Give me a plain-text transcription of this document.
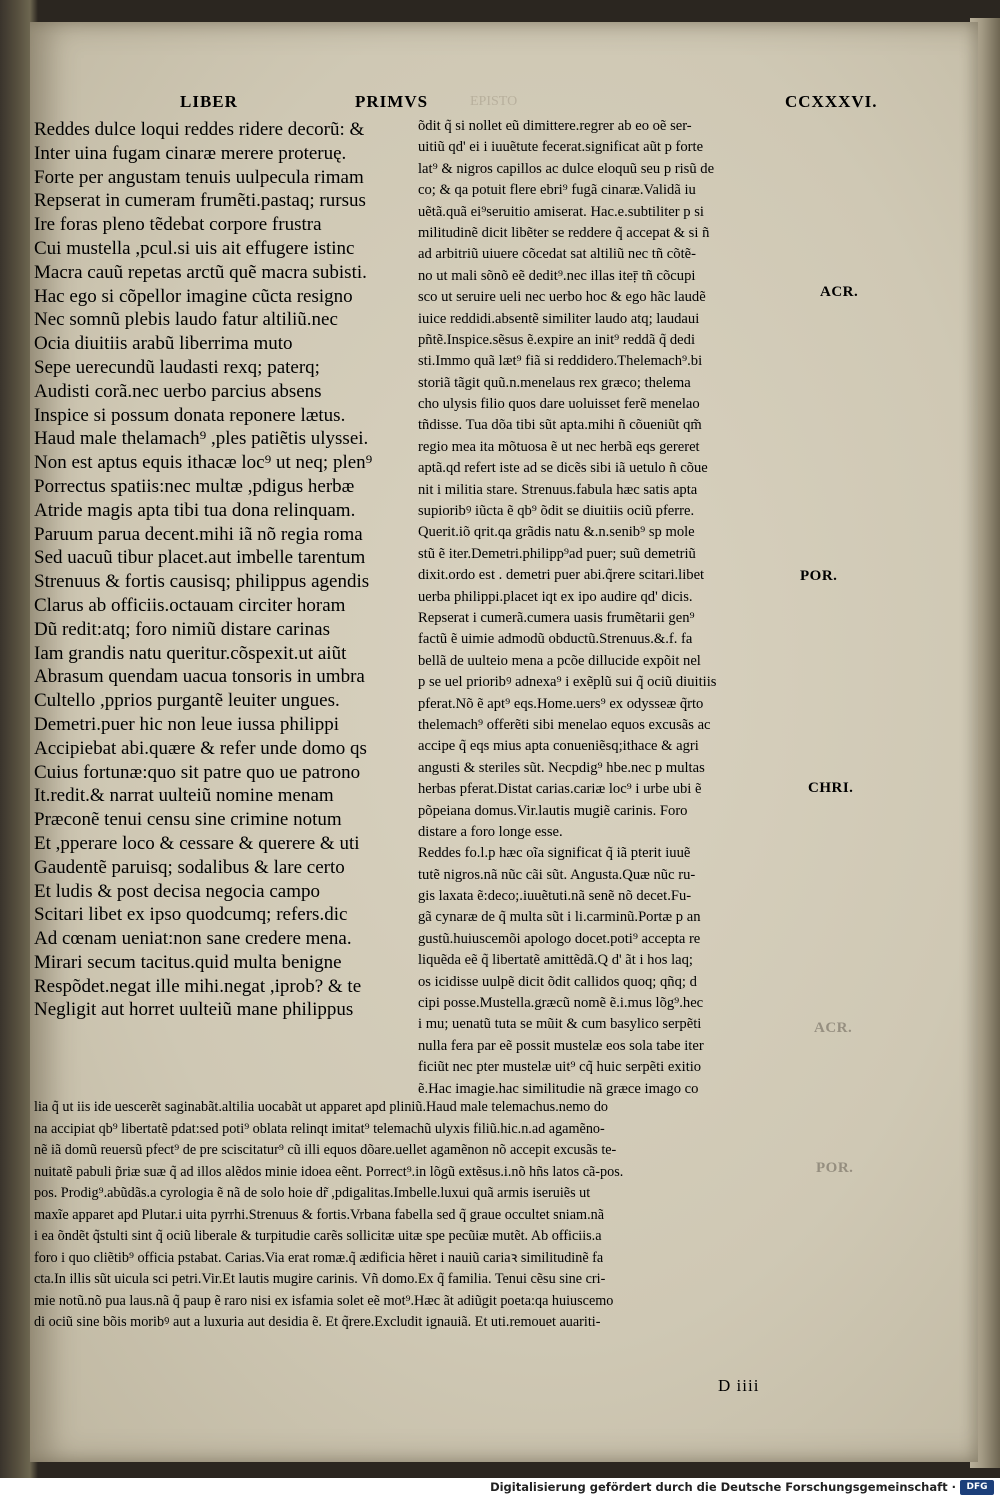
EPISTO
LIBER	PRIMVS	CCXXXVI.
Reddes dulce loqui reddes ridere decorũ: &
Inter uina fugam cinaræ merere proteruę.
Forte per angustam tenuis uulpecula rimam
Repserat in cumeram frumẽti.pastaq; rursus
Ire foras pleno tẽdebat corpore frustra
Cui mustella ,pcul.si uis ait effugere istinc
Macra cauũ repetas arctũ quẽ macra subisti.
Hac ego si cõpellor imagine cũcta resigno
Nec somnũ plebis laudo fatur altiliũ.nec
Ocia diuitiis arabũ liberrima muto
Sepe uerecundũ laudasti rexq; paterq;
Audisti corã.nec uerbo parcius absens
Inspice si possum donata reponere lætus.
Haud male thelamach⁹ ,ples patiẽtis ulyssei.
Non est aptus equis ithacæ loc⁹ ut neq; plen⁹
Porrectus spatiis:nec multæ ,pdigus herbæ
Atride magis apta tibi tua dona relinquam.
Paruum parua decent.mihi iã nõ regia roma
Sed uacuũ tibur placet.aut imbelle tarentum
Strenuus & fortis causisq; philippus agendis
Clarus ab officiis.octauam circiter horam
Dũ redit:atq; foro nimiũ distare carinas
Iam grandis natu queritur.cõspexit.ut aiũt
Abrasum quendam uacua tonsoris in umbra
Cultello ,pprios purgantẽ leuiter ungues.
Demetri.puer hic non leue iussa philippi
Accipiebat abi.quære & refer unde domo qs
Cuius fortunæ:quo sit patre quo ue patrono
It.redit.& narrat uulteiũ nomine menam
Præconẽ tenui censu sine crimine notum
Et ,pperare loco & cessare & querere & uti
Gaudentẽ paruisq; sodalibus & lare certo
Et ludis & post decisa negocia campo
Scitari libet ex ipso quodcumq; refers.dic
Ad cœnam ueniat:non sane credere mena.
Mirari secum tacitus.quid multa benigne
Respõdet.negat ille mihi.negat ,iprob? & te
Negligit aut horret uulteiũ mane philippus
õdit q̃ si nollet eũ dimittere.regrer ab eo oẽ ser-
uitiũ qd' ei i iuuẽtute fecerat.significat aũt p forte
lat⁹ & nigros capillos ac dulce eloquũ seu p risũ de
co; & qa potuit flere ebri⁹ fugã cinaræ.Validã iu
uẽtã.quã ei⁹seruitio amiserat. Hac.e.subtiliter p si
militudinẽ dicit libẽter se reddere q̃ accepat & si ñ
ad arbitriũ uiuere cõcedat sat altiliũ nec tñ cõtẽ-
no ut mali sõnõ eẽ dedit⁹.nec illas iteṝ tñ cõcupi
sco ut seruire ueli nec uerbo hoc & ego hãc laudẽ
iuice reddidi.absentẽ similiter laudo atq; laudaui
pñtẽ.Inspice.sẽsus ẽ.expire an init⁹ reddã q̃ dedi
sti.Immo quã læt⁹ fiã si reddidero.Thelemach⁹.bi
storiã tãgit quũ.n.menelaus rex græco; thelema
cho ulysis filio quos dare uoluisset ferẽ menelao
tñdisse. Tua dõa tibi sũt apta.mihi ñ cõueniũt qm̃
regio mea ita mõtuosa ẽ ut nec herbã eqs gereret
aptã.qd refert iste ad se dicẽs sibi iã uetulo ñ cõue
nit i militia stare. Strenuus.fabula hæc satis apta
supioribꝰ iũcta ẽ qb⁹ õdit se diuitiis ociũ pferre.
Querit.iõ qrit.qa grãdis natu &.n.senib⁹ sp mole
stũ ẽ iter.Demetri.philipp⁹ad puer; suũ demetriũ
dixit.ordo est . demetri puer abi.q̃rere scitari.libet
uerba philippi.placet iqt ex ipo audire qd' dicis.
Repserat i cumerã.cumera uasis frumẽtarii gen⁹
factũ ẽ uimie admodũ obductũ.Strenuus.&.f. fa
bellã de uulteio mena a pcõe dillucide expõit nel
p se uel prioribꝰ adnexa⁹ i exẽplũ sui q̃ ociũ diuitiis
pferat.Nõ ẽ apt⁹ eqs.Home.uers⁹ ex odysseæ q̃rto
thelemach⁹ offerẽti sibi menelao equos excusãs ac
accipe q̃ eqs mius apta conueniẽsq;ithace & agri
angusti & steriles sũt. Necpdig⁹ hbe.nec p multas
herbas pferat.Distat carias.cariæ loc⁹ i urbe ubi ẽ
põpeiana domus.Vir.lautis mugiẽ carinis. Foro
distare a foro longe esse.
Reddes fo.l.p hæc oĩa significat q̃ iã pterit iuuẽ
tutẽ nigros.nã nũc cãi sũt. Angusta.Quæ nũc ru-
gis laxata ẽ:deco;.iuuẽtuti.nã senẽ nõ decet.Fu-
gã cynaræ de q̃ multa sũt i li.carminũ.Portæ p an
gustũ.huiuscemõi apologo docet.poti⁹ accepta re
liquẽda eẽ q̃ libertatẽ amittẽdã.Q d' ãt i hos laq;
os icidisse uulpẽ dicit õdit callidos quoq; qñq; d
cipi posse.Mustella.græcũ nomẽ ẽ.i.mus lõg⁹.hec
i mu; uenatũ tuta se mũit & cum basylico serpẽti
nulla fera par eẽ possit mustelæ eos sola tabe iter
ficiũt nec pter mustelæ uit⁹ cq̃ huic serpẽti exitio
ẽ.Hac imagie.hac similitudie nã græce imago co
ACR.
POR.
CHRI.
ACR.
POR.
lia q̃ ut iis ide uescerẽt saginabãt.altilia uocabãt ut apparet apd pliniũ.Haud male telemachus.nemo do
na accipiat qb⁹ libertatẽ pdat:sed poti⁹ oblata relinqt imitat⁹ telemachũ ulyxis filiũ.hic.n.ad agamẽno-
nẽ iã domũ reuersũ pfect⁹ de pre sciscitatur⁹ cũ illi equos dõare.uellet agamẽnon nõ accepit excusãs te-
nuitatẽ pabuli p̃riæ suæ q̃ ad illos alẽdos minie idoea eẽnt. Porrect⁹.in lõgũ extẽsus.i.nõ hñs latos cã-pos.
pos. Prodig⁹.abũdãs.a cyrologia ẽ nã de solo hoie dr̃ ,pdigalitas.Imbelle.luxui quã armis iseruiẽs ut
maxĩe apparet apd Plutar.i uita pyrrhi.Strenuus & fortis.Vrbana fabella sed q̃ graue occultet sniam.nã
i ea õndẽt q̃stulti sint q̃ ociũ liberale & turpitudie carẽs sollicitæ uitæ spe pecũiæ mutẽt. Ab officiis.a
foro i quo cliẽtib⁹ officia pstabat. Carias.Via erat romæ.q̃ ædificia hẽret i nauiũ cariaꝛ similitudinẽ fa
cta.In illis sũt uicula sci petri.Vir.Et lautis mugire carinis. Vñ domo.Ex q̃ familia. Tenui cẽsu sine cri-
mie notũ.nõ pua laus.nã q̃ paup ẽ raro nisi ex isfamia solet eẽ mot⁹.Hæc ãt adiũgit poeta:qa huiuscemo
di ociũ sine bõis moribꝰ aut a luxuria aut desidia ẽ. Et q̃rere.Excludit ignauiã. Et uti.remouet auariti-
D iiii
Digitalisierung gefördert durch die Deutsche Forschungsgemeinschaft ·	DFG
